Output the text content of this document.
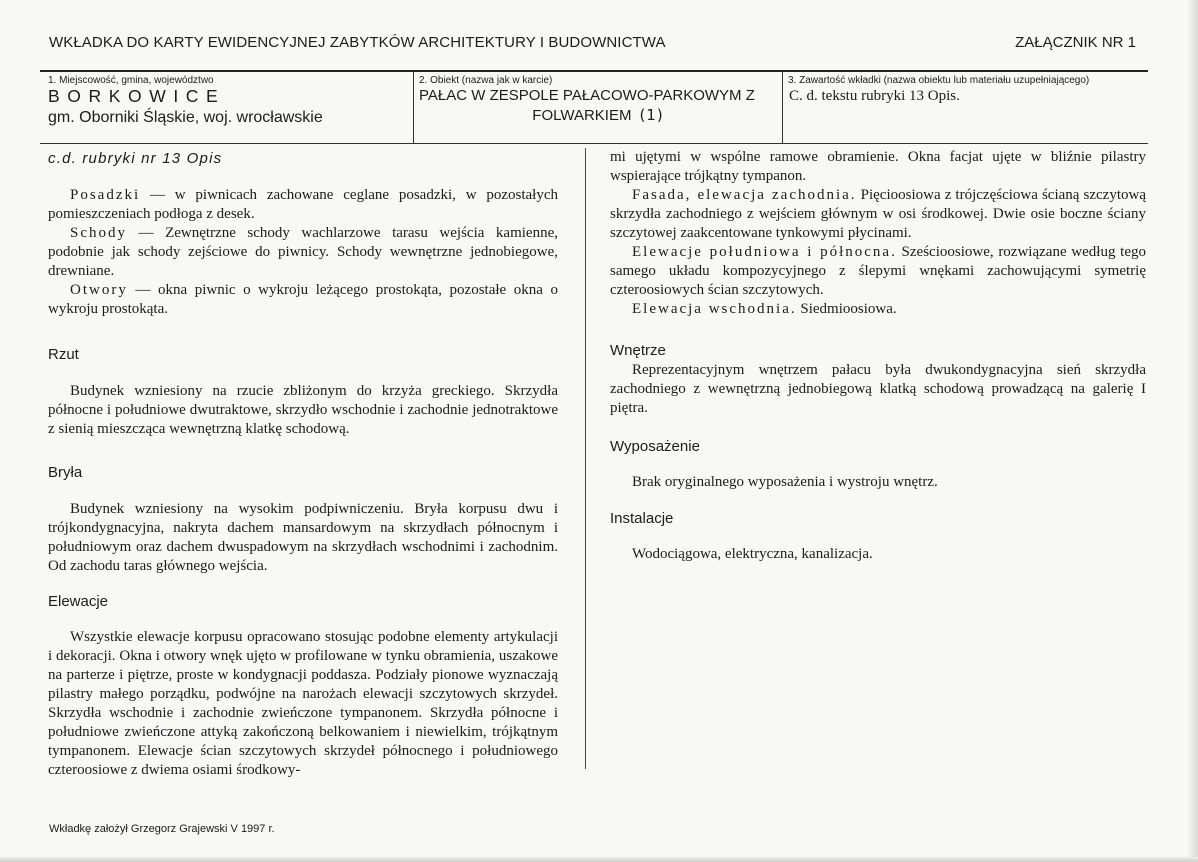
WKŁADKA DO KARTY EWIDENCYJNEJ ZABYTKÓW ARCHITEKTURY I BUDOWNICTWA	ZAŁĄCZNIK NR 1
1. Miejscowość, gmina, województwo
BORKOWICE
gm. Oborniki Śląskie, woj. wrocławskie
2. Obiekt (nazwa jak w karcie)
PAŁAC W ZESPOLE PAŁACOWO-PARKOWYM Z
FOLWARKIEM (1)
3. Zawartość wkładki (nazwa obiektu lub materiału uzupełniającego)
C. d. tekstu rubryki 13 Opis.
c.d. rubryki nr 13 Opis

Posadzki — w piwnicach zachowane ceglane posadzki, w pozostałych pomieszczeniach podłoga z desek.

Schody — Zewnętrzne schody wachlarzowe tarasu wejścia kamienne, podobnie jak schody zejściowe do piwnicy. Schody wewnętrzne jednobiegowe, drewniane.

Otwory — okna piwnic o wykroju leżącego prostokąta, pozostałe okna o wykroju prostokąta.

Rzut

Budynek wzniesiony na rzucie zbliżonym do krzyża greckiego. Skrzydła północne i południowe dwutraktowe, skrzydło wschodnie i zachodnie jednotraktowe z sienią mieszcząca wewnętrzną klatkę schodową.

Bryła

Budynek wzniesiony na wysokim podpiwniczeniu. Bryła korpusu dwu i trójkondygnacyjna, nakryta dachem mansardowym na skrzydłach północnym i południowym oraz dachem dwuspadowym na skrzydłach wschodnimi i zachodnim. Od zachodu taras głównego wejścia.

Elewacje

Wszystkie elewacje korpusu opracowano stosując podobne elementy artykulacji i dekoracji. Okna i otwory wnęk ujęto w profilowane w tynku obramienia, uszakowe na parterze i piętrze, proste w kondygnacji poddasza. Podziały pionowe wyznaczają pilastry małego porządku, podwójne na narożach elewacji szczytowych skrzydeł. Skrzydła wschodnie i zachodnie zwieńczone tympanonem. Skrzydła północne i południowe zwieńczone attyką zakończoną belkowaniem i niewielkim, trójkątnym tympanonem. Elewacje ścian szczytowych skrzydeł północnego i południowego czteroosiowe z dwiema osiami środkowy-

mi ujętymi w wspólne ramowe obramienie. Okna facjat ujęte w bliźnie pilastry wspierające trójkątny tympanon.

Fasada, elewacja zachodnia. Pięcioosiowa z trójczęściowa ścianą szczytową skrzydła zachodniego z wejściem głównym w osi środkowej. Dwie osie boczne ściany szczytowej zaakcentowane tynkowymi płycinami.

Elewacje południowa i północna. Sześcioosiowe, rozwiązane według tego samego układu kompozycyjnego z ślepymi wnękami zachowującymi symetrię czteroosiowych ścian szczytowych.

Elewacja wschodnia. Siedmioosiowa.

Wnętrze

Reprezentacyjnym wnętrzem pałacu była dwukondygnacyjna sień skrzydła zachodniego z wewnętrzną jednobiegową klatką schodową prowadzącą na galerię I piętra.

Wyposażenie

Brak oryginalnego wyposażenia i wystroju wnętrz.

Instalacje

Wodociągowa, elektryczna, kanalizacja.

Wkładkę założył Grzegorz Grajewski V 1997 r.
